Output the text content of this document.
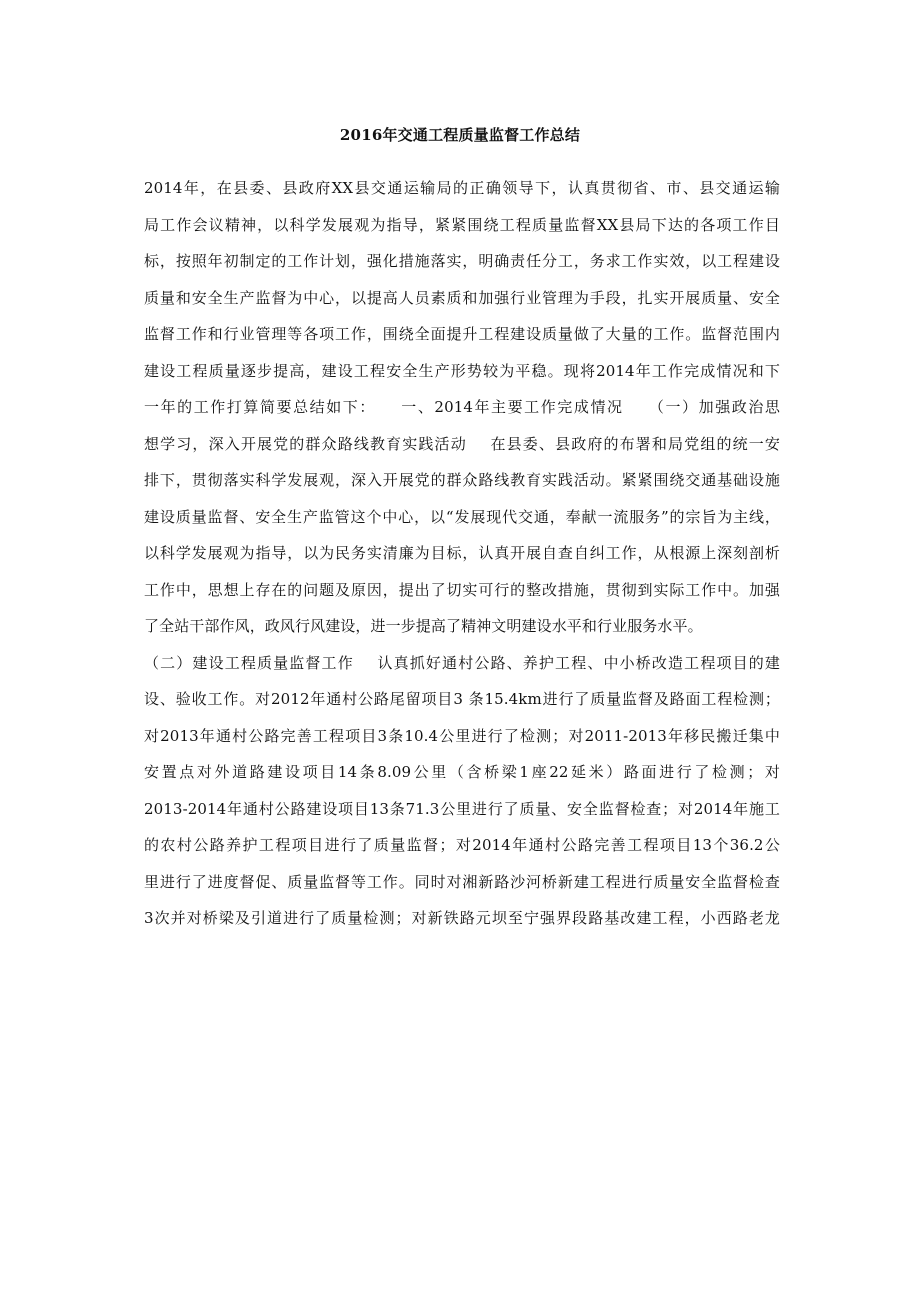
2016年交通工程质量监督工作总结
2014年，在县委、县政府XX县交通运输局的正确领导下，认真贯彻省、市、县交通运输
局工作会议精神，以科学发展观为指导，紧紧围绕工程质量监督XX县局下达的各项工作目
标，按照年初制定的工作计划，强化措施落实，明确责任分工，务求工作实效，以工程建设
质量和安全生产监督为中心，以提高人员素质和加强行业管理为手段，扎实开展质量、安全
监督工作和行业管理等各项工作，围绕全面提升工程建设质量做了大量的工作。监督范围内
建设工程质量逐步提高，建设工程安全生产形势较为平稳。现将2014年工作完成情况和下
一年的工作打算简要总结如下：    一、2014年主要工作完成情况    （一）加强政治思
想学习，深入开展党的群众路线教育实践活动    在县委、县政府的布署和局党组的统一安
排下，贯彻落实科学发展观，深入开展党的群众路线教育实践活动。紧紧围绕交通基础设施
建设质量监督、安全生产监管这个中心，以“发展现代交通，奉献一流服务”的宗旨为主线，
以科学发展观为指导，以为民务实清廉为目标，认真开展自查自纠工作，从根源上深刻剖析
工作中，思想上存在的问题及原因，提出了切实可行的整改措施，贯彻到实际工作中。加强
了全站干部作风，政风行风建设，进一步提高了精神文明建设水平和行业服务水平。
（二）建设工程质量监督工作    认真抓好通村公路、养护工程、中小桥改造工程项目的建
设、验收工作。对2012年通村公路尾留项目3 条15.4km进行了质量监督及路面工程检测；
对2013年通村公路完善工程项目3条10.4公里进行了检测；对2011-2013年移民搬迁集中
安置点对外道路建设项目14条8.09公里（含桥梁1座22延米）路面进行了检测；对
2013-2014年通村公路建设项目13条71.3公里进行了质量、安全监督检查；对2014年施工
的农村公路养护工程项目进行了质量监督；对2014年通村公路完善工程项目13个36.2公
里进行了进度督促、质量监督等工作。同时对湘新路沙河桥新建工程进行质量安全监督检查
3次并对桥梁及引道进行了质量检测；对新铁路元坝至宁强界段路基改建工程，小西路老龙
